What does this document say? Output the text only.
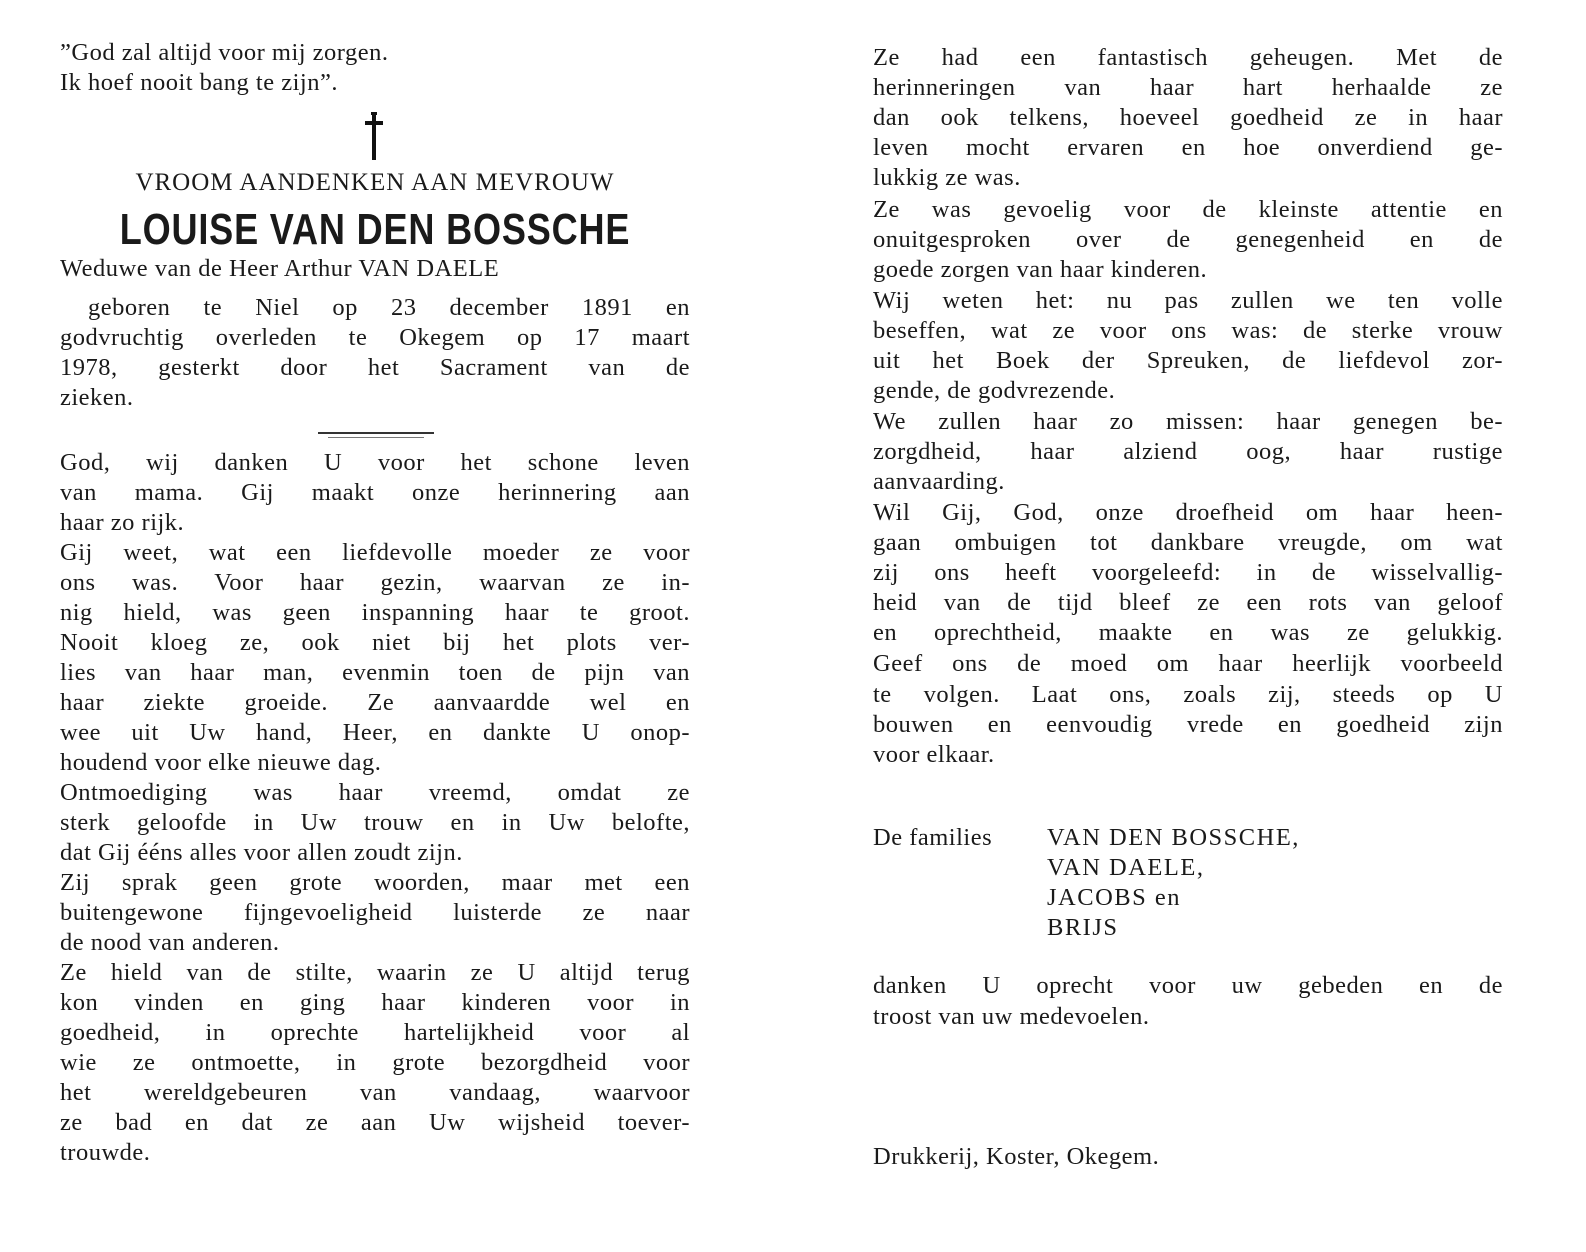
”God zal altijd voor mij zorgen.
Ik hoef nooit bang te zijn”.
VROOM AANDENKEN AAN MEVROUW
LOUISE VAN DEN BOSSCHE
Weduwe van de Heer Arthur VAN DAELE
geboren te Niel op 23 december 1891 en
godvruchtig overleden te Okegem op 17 maart
1978, gesterkt door het Sacrament van de
zieken.
God, wij danken U voor het schone leven
van mama. Gij maakt onze herinnering aan
haar zo rijk.
Gij weet, wat een liefdevolle moeder ze voor
ons was. Voor haar gezin, waarvan ze in-
nig hield, was geen inspanning haar te groot.
Nooit kloeg ze, ook niet bij het plots ver-
lies van haar man, evenmin toen de pijn van
haar ziekte groeide. Ze aanvaardde wel en
wee uit Uw hand, Heer, en dankte U onop-
houdend voor elke nieuwe dag.
Ontmoediging was haar vreemd, omdat ze
sterk geloofde in Uw trouw en in Uw belofte,
dat Gij ééns alles voor allen zoudt zijn.
Zij sprak geen grote woorden, maar met een
buitengewone fijngevoeligheid luisterde ze naar
de nood van anderen.
Ze hield van de stilte, waarin ze U altijd terug
kon vinden en ging haar kinderen voor in
goedheid, in oprechte hartelijkheid voor al
wie ze ontmoette, in grote bezorgdheid voor
het wereldgebeuren van vandaag, waarvoor
ze bad en dat ze aan Uw wijsheid toever-
trouwde.
Ze had een fantastisch geheugen. Met de
herinneringen van haar hart herhaalde ze
dan ook telkens, hoeveel goedheid ze in haar
leven mocht ervaren en hoe onverdiend ge-
lukkig ze was.
Ze was gevoelig voor de kleinste attentie en
onuitgesproken over de genegenheid en de
goede zorgen van haar kinderen.
Wij weten het: nu pas zullen we ten volle
beseffen, wat ze voor ons was: de sterke vrouw
uit het Boek der Spreuken, de liefdevol zor-
gende, de godvrezende.
We zullen haar zo missen: haar genegen be-
zorgdheid, haar alziend oog, haar rustige
aanvaarding.
Wil Gij, God, onze droefheid om haar heen-
gaan ombuigen tot dankbare vreugde, om wat
zij ons heeft voorgeleefd: in de wisselvallig-
heid van de tijd bleef ze een rots van geloof
en oprechtheid, maakte en was ze gelukkig.
Geef ons de moed om haar heerlijk voorbeeld
te volgen. Laat ons, zoals zij, steeds op U
bouwen en eenvoudig vrede en goedheid zijn
voor elkaar.
De families VAN DEN BOSSCHE,
VAN DAELE,
JACOBS en
BRIJS
danken U oprecht voor uw gebeden en de
troost van uw medevoelen.
Drukkerij, Koster, Okegem.
